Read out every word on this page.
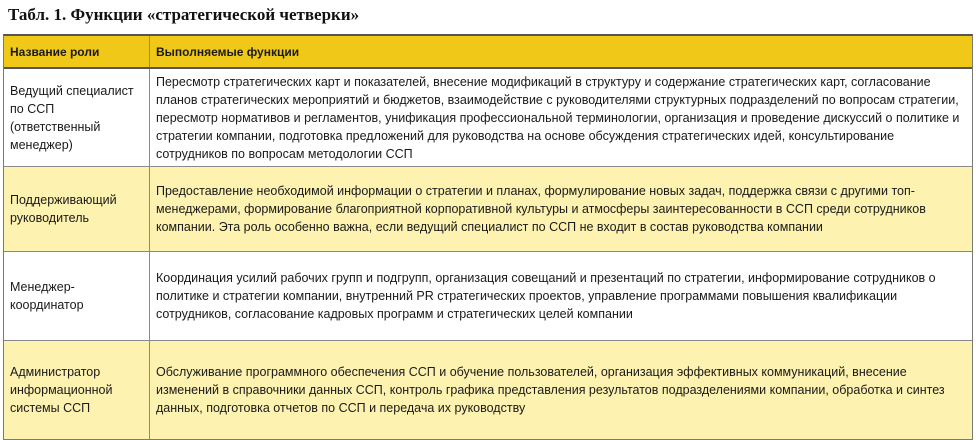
Табл. 1. Функции «стратегической четверки»
Название роли	Выполняемые функции
Ведущий специалист по ССП (ответственный менеджер)
Пересмотр стратегических карт и показателей, внесение модификаций в структуру и содержание стратегических карт, согласование планов стратегических мероприятий и бюджетов, взаимодействие с руководителями структурных подразделений по вопросам стратегии, пересмотр нормативов и регламентов, унификация профессиональной терминологии, организация и проведение дискуссий о политике и стратегии компании, подготовка предложений для руководства на основе обсуждения стратегических идей, консультирование сотрудников по вопросам методологии ССП
Поддерживающий руководитель
Предоставление необходимой информации о стратегии и планах, формулирование новых задач, поддержка связи с другими топ-менеджерами, формирование благоприятной корпоративной культуры и атмосферы заинтересованности в ССП среди сотрудников компании. Эта роль особенно важна, если ведущий специалист по ССП не входит в состав руководства компании
Менеджер-координатор
Координация усилий рабочих групп и подгрупп, организация совещаний и презентаций по стратегии, информирование сотрудников о политике и стратегии компании, внутренний PR стратегических проектов, управление программами повышения квалификации сотрудников, согласование кадровых программ и стратегических целей компании
Администратор информационной системы ССП
Обслуживание программного обеспечения ССП и обучение пользователей, организация эффективных коммуникаций, внесение изменений в справочники данных ССП, контроль графика представления результатов подразделениями компании, обработка и синтез данных, подготовка отчетов по ССП и передача их руководству
